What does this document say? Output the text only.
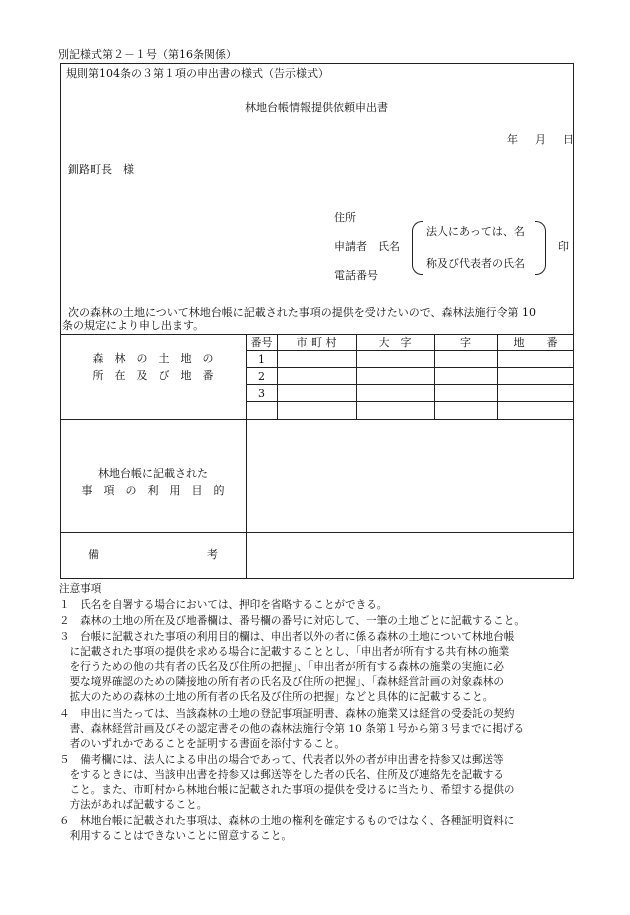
別記様式第２－１号（第16条関係）
規則第104条の３第１項の申出書の様式（告示様式）
林地台帳情報提供依頼申出書
年 月 日
釧路町長　様
住所
申請者　氏名
法人にあっては、名
称及び代表者の氏名
印
電話番号
次の森林の土地について林地台帳に記載された事項の提供を受けたいので、森林法施行令第 10
条の規定により申し出ます。
森　林　の　土　地　の
所　在　及　び　地　番
番号	市 町 村	大　字	字	地　　番
1
2
3
林地台帳に記載された
事　項　の　利　用　目　的
備	考
注意事項
１　氏名を自署する場合においては、押印を省略することができる。
２　森林の土地の所在及び地番欄は、番号欄の番号に対応して、一筆の土地ごとに記載すること。
３　台帳に記載された事項の利用目的欄は、申出者以外の者に係る森林の土地について林地台帳
　に記載された事項の提供を求める場合に記載することとし、「申出者が所有する共有林の施業
　を行うための他の共有者の氏名及び住所の把握」、「申出者が所有する森林の施業の実施に必
　要な境界確認のための隣接地の所有者の氏名及び住所の把握」、「森林経営計画の対象森林の
　拡大のための森林の土地の所有者の氏名及び住所の把握」などと具体的に記載すること。
４　申出に当たっては、当該森林の土地の登記事項証明書、森林の施業又は経営の受委託の契約
　書、森林経営計画及びその認定書その他の森林法施行令第 10 条第１号から第３号までに掲げる
　者のいずれかであることを証明する書面を添付すること。
５　備考欄には、法人による申出の場合であって、代表者以外の者が申出書を持参又は郵送等
　をするときには、当該申出書を持参又は郵送等をした者の氏名、住所及び連絡先を記載する
　こと。また、市町村から林地台帳に記載された事項の提供を受けるに当たり、希望する提供の
　方法があれば記載すること。
６　林地台帳に記載された事項は、森林の土地の権利を確定するものではなく、各種証明資料に
　利用することはできないことに留意すること。
